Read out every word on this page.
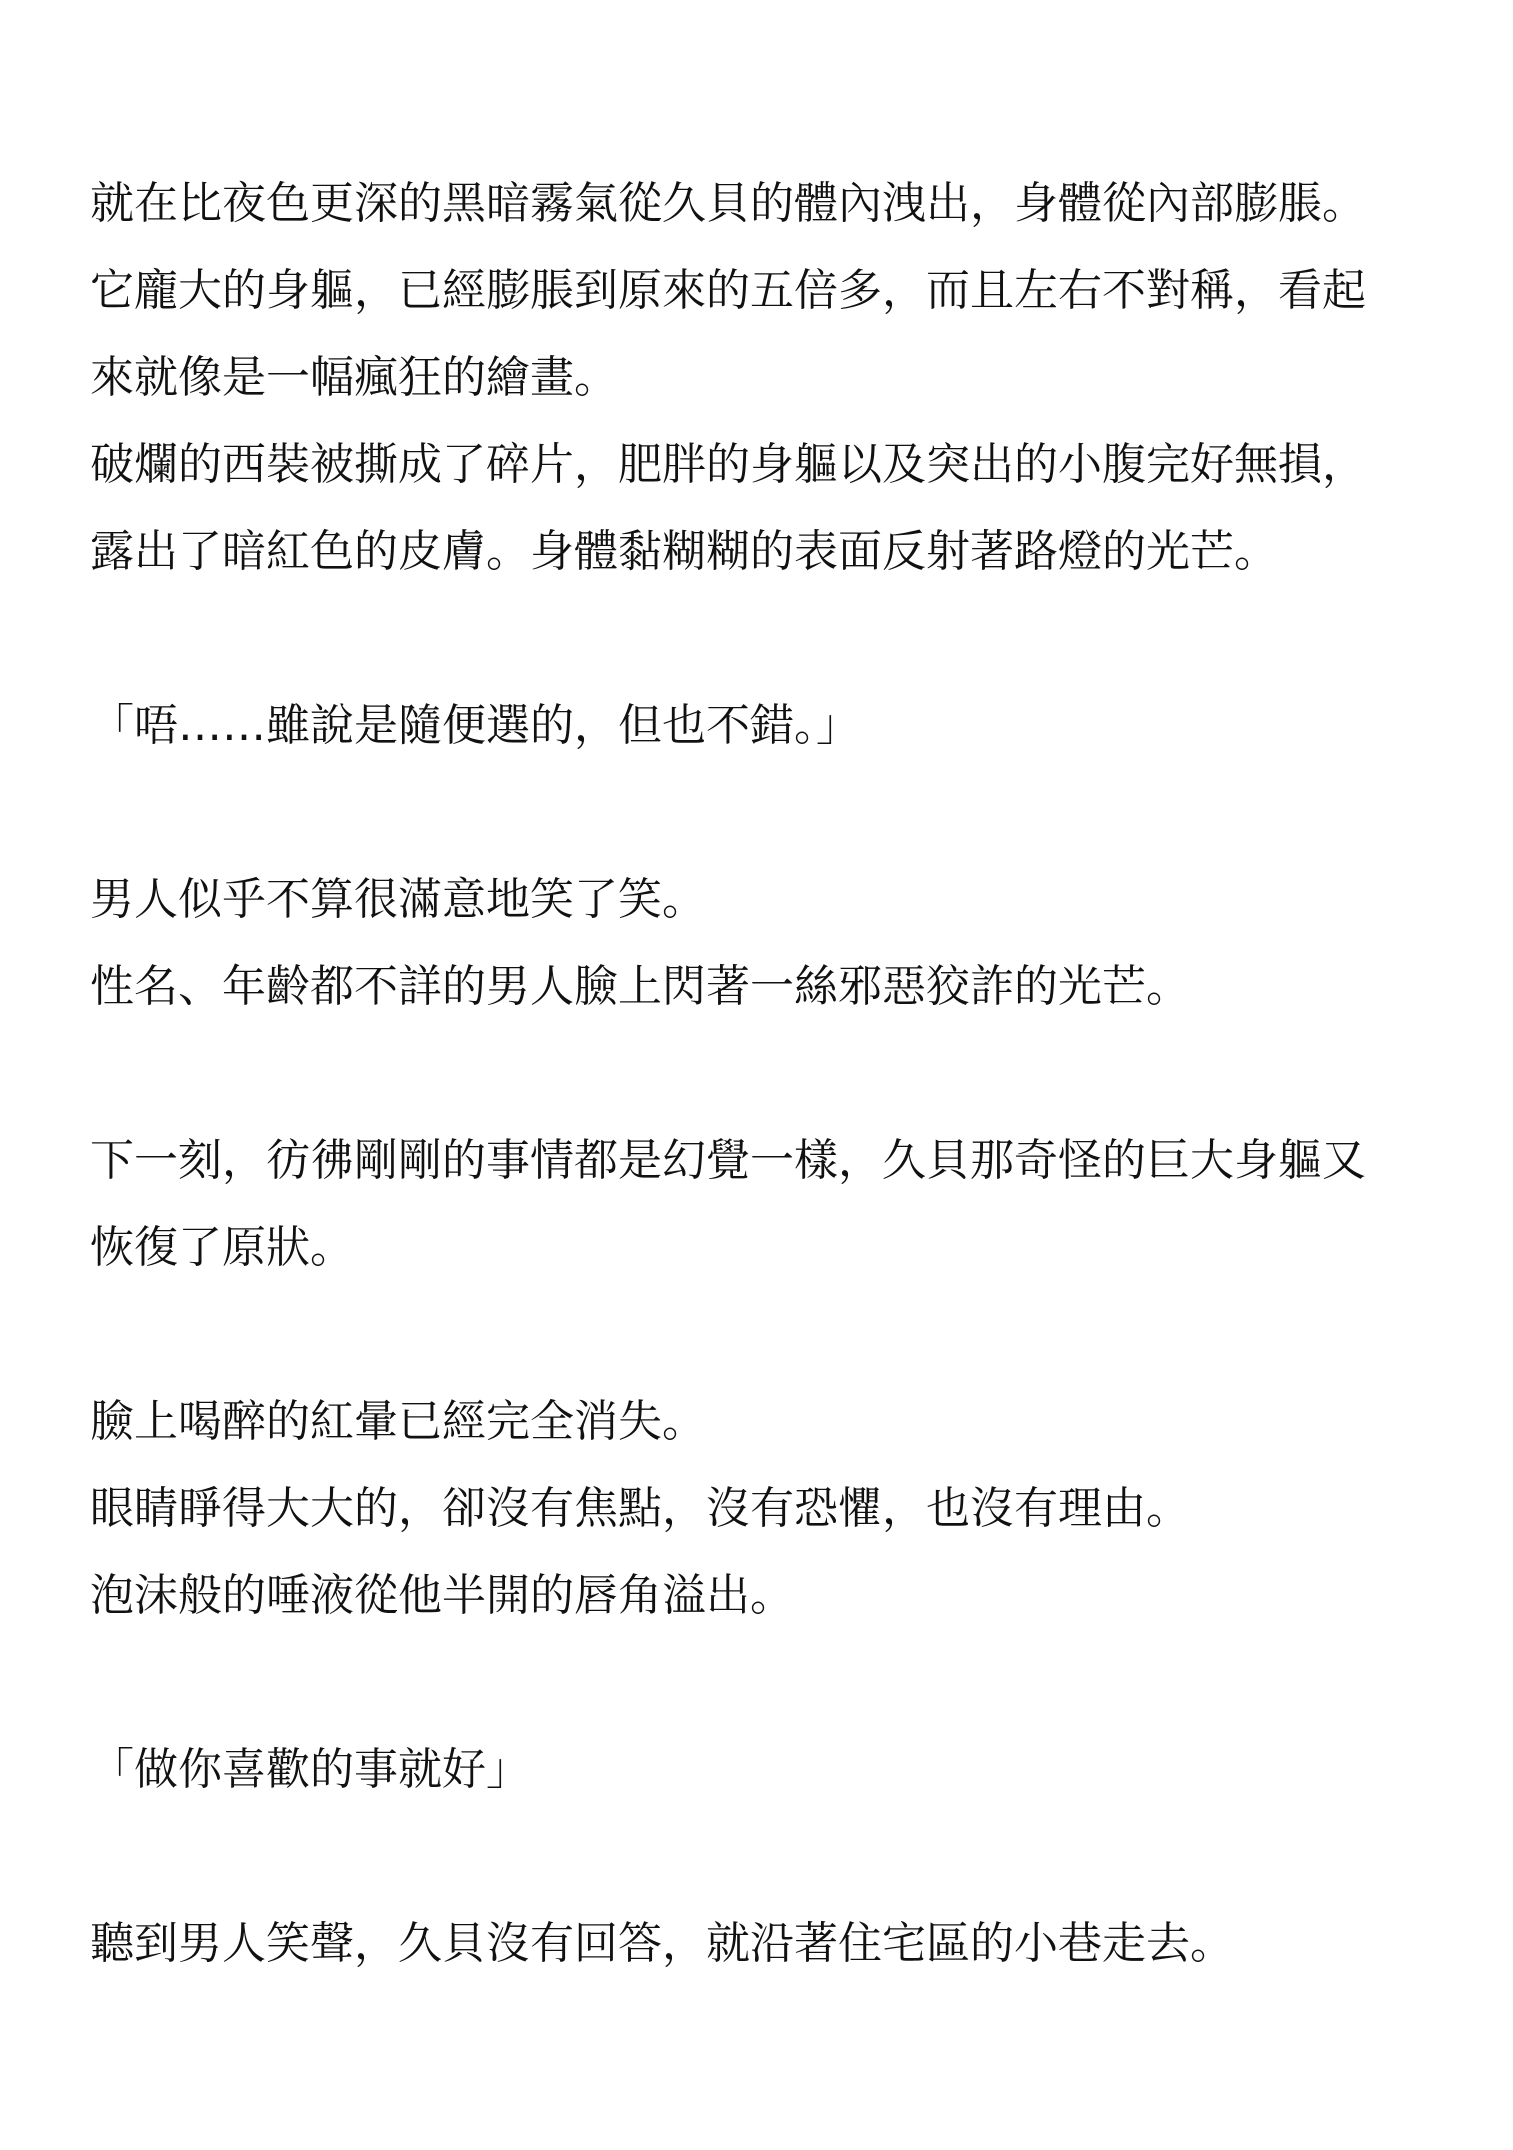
就在比夜色更深的黑暗霧氣從久貝的體內洩出，身體從內部膨脹。
它龐大的身軀，已經膨脹到原來的五倍多，而且左右不對稱，看起
來就像是一幅瘋狂的繪畫。
破爛的西裝被撕成了碎片，肥胖的身軀以及突出的小腹完好無損，
露出了暗紅色的皮膚。身體黏糊糊的表面反射著路燈的光芒。
「唔……雖說是隨便選的，但也不錯。」
男人似乎不算很滿意地笑了笑。
性名、年齡都不詳的男人臉上閃著一絲邪惡狡詐的光芒。
下一刻，彷彿剛剛的事情都是幻覺一樣，久貝那奇怪的巨大身軀又
恢復了原狀。
臉上喝醉的紅暈已經完全消失。
眼睛睜得大大的，卻沒有焦點，沒有恐懼，也沒有理由。
泡沫般的唾液從他半開的唇角溢出。
「做你喜歡的事就好」
聽到男人笑聲，久貝沒有回答，就沿著住宅區的小巷走去。
